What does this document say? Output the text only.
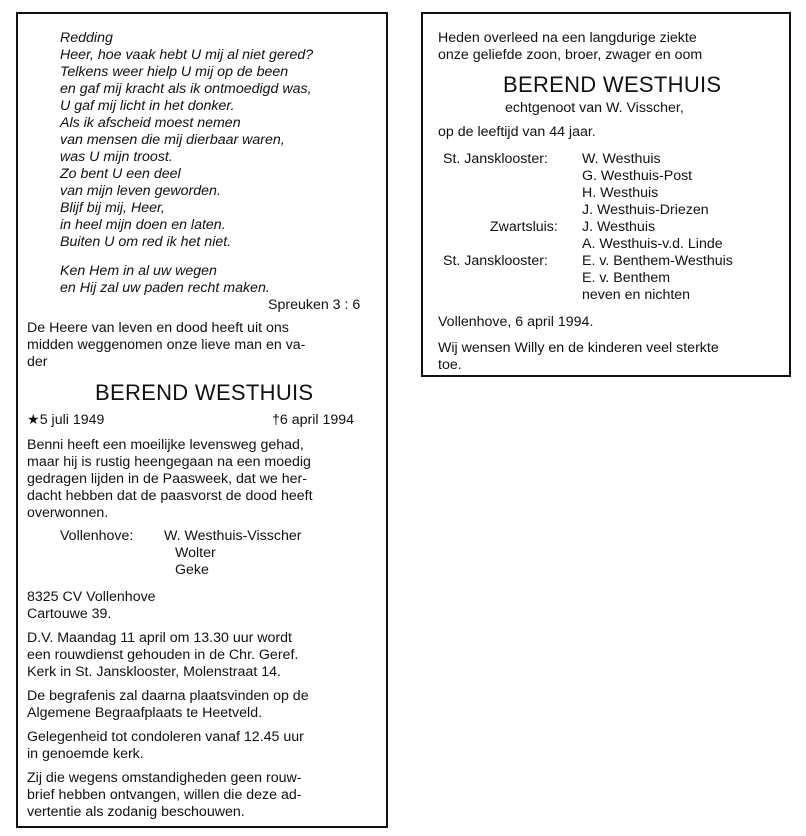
Redding
Heer, hoe vaak hebt U mij al niet gered?
Telkens weer hielp U mij op de been
en gaf mij kracht als ik ontmoedigd was,
U gaf mij licht in het donker.
Als ik afscheid moest nemen
van mensen die mij dierbaar waren,
was U mijn troost.
Zo bent U een deel
van mijn leven geworden.
Blijf bij mij, Heer,
in heel mijn doen en laten.
Buiten U om red ik het niet.
Ken Hem in al uw wegen
en Hij zal uw paden recht maken.
Spreuken 3 : 6
De Heere van leven en dood heeft uit ons
midden weggenomen onze lieve man en va-
der
BEREND WESTHUIS
★5 juli 1949	†6 april 1994
Benni heeft een moeilijke levensweg gehad,
maar hij is rustig heengegaan na een moedig
gedragen lijden in de Paasweek, dat we her-
dacht hebben dat de paasvorst de dood heeft
overwonnen.
Vollenhove: W. Westhuis-Visscher
Wolter
Geke
8325 CV Vollenhove
Cartouwe 39.
D.V. Maandag 11 april om 13.30 uur wordt
een rouwdienst gehouden in de Chr. Geref.
Kerk in St. Jansklooster, Molenstraat 14.
De begrafenis zal daarna plaatsvinden op de
Algemene Begraafplaats te Heetveld.
Gelegenheid tot condoleren vanaf 12.45 uur
in genoemde kerk.
Zij die wegens omstandigheden geen rouw-
brief hebben ontvangen, willen die deze ad-
vertentie als zodanig beschouwen.
Heden overleed na een langdurige ziekte
onze geliefde zoon, broer, zwager en oom
BEREND WESTHUIS
echtgenoot van W. Visscher,
op de leeftijd van 44 jaar.
St. Jansklooster: W. Westhuis
G. Westhuis-Post
H. Westhuis
J. Westhuis-Driezen
Zwartsluis: J. Westhuis
A. Westhuis-v.d. Linde
St. Jansklooster: E. v. Benthem-Westhuis
E. v. Benthem
neven en nichten
Vollenhove, 6 april 1994.
Wij wensen Willy en de kinderen veel sterkte
toe.
